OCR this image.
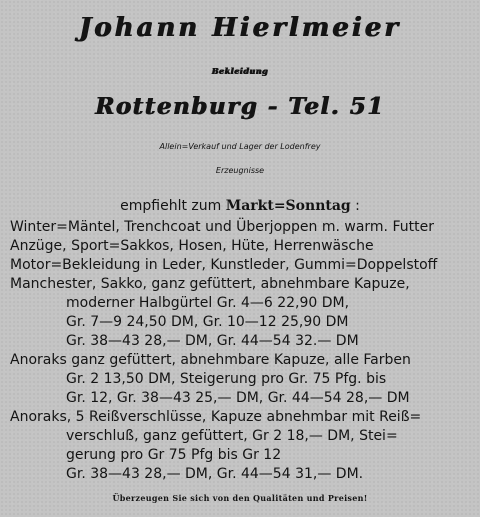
Johann Hierlmeier
Bekleidung
Rottenburg - Tel. 51
Allein=Verkauf und Lager der Lodenfrey
Erzeugnisse
empfiehlt zum Markt=Sonntag :
Winter=Mäntel, Trenchcoat und Überjoppen m. warm. Futter
Anzüge, Sport=Sakkos, Hosen, Hüte, Herrenwäsche
Motor=Bekleidung in Leder, Kunstleder, Gummi=Doppelstoff
Manchester, Sakko, ganz gefüttert, abnehmbare Kapuze,
moderner Halbgürtel Gr. 4—6 22,90 DM,
Gr. 7—9 24,50 DM, Gr. 10—12 25,90 DM
Gr. 38—43 28,— DM, Gr. 44—54 32.— DM
Anoraks ganz gefüttert, abnehmbare Kapuze, alle Farben
Gr. 2 13,50 DM, Steigerung pro Gr. 75 Pfg. bis
Gr. 12, Gr. 38—43 25,— DM, Gr. 44—54 28,— DM
Anoraks, 5 Reißverschlüsse, Kapuze abnehmbar mit Reiß=
verschluß, ganz gefüttert, Gr 2 18,— DM, Stei=
gerung pro Gr 75 Pfg bis Gr 12
Gr. 38—43 28,— DM, Gr. 44—54 31,— DM.
Überzeugen Sie sich von den Qualitäten und Preisen!
